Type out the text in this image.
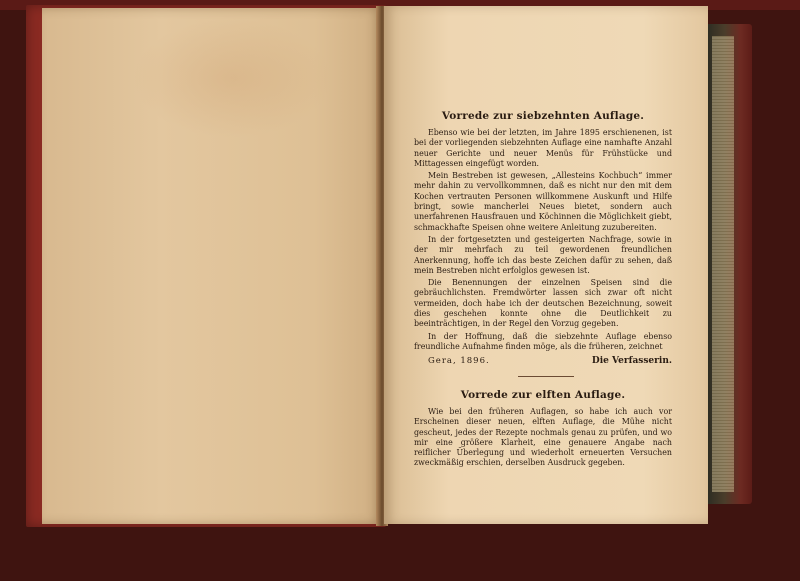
Vorrede zur siebzehnten Auflage.

Ebenso wie bei der letzten, im Jahre 1895 erschienenen, ist bei der vorliegenden siebzehnten Auflage eine namhafte Anzahl neuer Gerichte und neuer Menüs für Frühstücke und Mittagessen eingefügt worden.

Mein Bestreben ist gewesen, „Allesteins Kochbuch“ immer mehr dahin zu vervollkommnen, daß es nicht nur den mit dem Kochen vertrauten Personen willkommene Auskunft und Hilfe bringt, sowie mancherlei Neues bietet, sondern auch unerfahrenen Hausfrauen und Köchinnen die Möglichkeit giebt, schmackhafte Speisen ohne weitere Anleitung zuzubereiten.

In der fortgesetzten und gesteigerten Nachfrage, sowie in der mir mehrfach zu teil gewordenen freundlichen Anerkennung, hoffe ich das beste Zeichen dafür zu sehen, daß mein Bestreben nicht erfolglos gewesen ist.

Die Benennungen der einzelnen Speisen sind die gebräuchlichsten. Fremdwörter lassen sich zwar oft nicht vermeiden, doch habe ich der deutschen Bezeichnung, soweit dies geschehen konnte ohne die Deutlichkeit zu beeinträchtigen, in der Regel den Vorzug gegeben.

In der Hoffnung, daß die siebzehnte Auflage ebenso freundliche Aufnahme finden möge, als die früheren, zeichnet

Gera, 1896.	Die Verfasserin.
Vorrede zur elften Auflage.

Wie bei den früheren Auflagen, so habe ich auch vor Erscheinen dieser neuen, elften Auflage, die Mühe nicht gescheut, jedes der Rezepte nochmals genau zu prüfen, und wo mir eine größere Klarheit, eine genauere Angabe nach reiflicher Überlegung und wiederholt erneuerten Versuchen zweckmäßig erschien, derselben Ausdruck gegeben.
